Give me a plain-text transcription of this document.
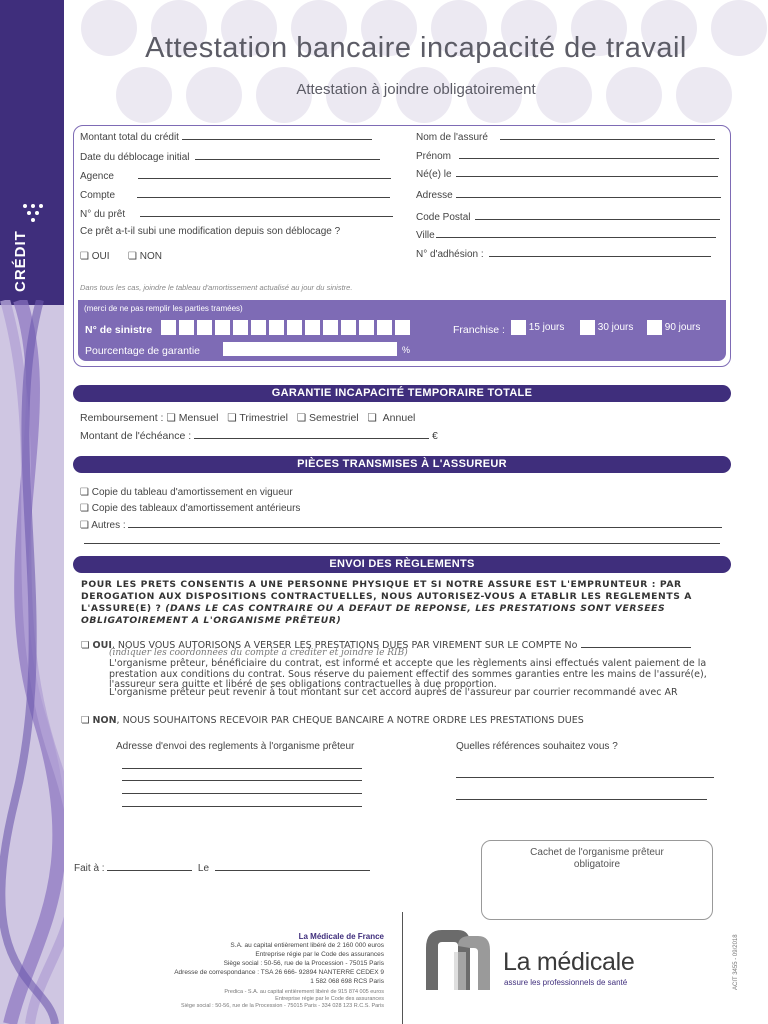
CRÉDIT
Attestation bancaire incapacité de travail
Attestation à joindre obligatoirement
Montant total du crédit
Date du déblocage initial
Agence
Compte
N° du prêt
Ce prêt a-t-il subi une modification depuis son déblocage ?
❏ OUI ❏ NON
Nom de l'assuré
Prénom
Né(e) le
Adresse
Code Postal
Ville
N° d'adhésion :
Dans tous les cas, joindre le tableau d'amortissement actualisé au jour du sinistre.
(merci de ne pas remplir les parties tramées)
N° de sinistre	Franchise :	15 jours	30 jours	90 jours
Pourcentage de garantie	%
GARANTIE INCAPACITÉ TEMPORAIRE TOTALE
Remboursement : ❏ Mensuel ❏ Trimestriel ❏ Semestriel ❏  Annuel
Montant de l'échéance :	€
PIÈCES TRANSMISES À L'ASSUREUR
❏ Copie du tableau d'amortissement en vigueur
❏ Copie des tableaux d'amortissement antérieurs
❏ Autres :
ENVOI DES RÈGLEMENTS
POUR LES PRETS CONSENTIS A UNE PERSONNE PHYSIQUE ET SI NOTRE ASSURE EST L'EMPRUNTEUR : PAR DEROGATION AUX DISPOSITIONS CONTRACTUELLES, NOUS AUTORISEZ-VOUS A ETABLIR LES REGLEMENTS A L'ASSURE(E) ? (DANS LE CAS CONTRAIRE OU A DEFAUT DE REPONSE, LES PRESTATIONS SONT VERSEES OBLIGATOIREMENT A L'ORGANISME PRÊTEUR)
❏ OUI, NOUS VOUS AUTORISONS A VERSER LES PRESTATIONS DUES PAR VIREMENT SUR LE COMPTE No
(indiquer les coordonnées du compte à créditer et joindre le RIB)
L'organisme prêteur, bénéficiaire du contrat, est informé et accepte que les règlements ainsi effectués valent paiement de la prestation aux conditions du contrat. Sous réserve du paiement effectif des sommes garanties entre les mains de l'assuré(e), l'assureur sera quitte et libéré de ses obligations contractuelles à due proportion.
L'organisme prêteur peut revenir à tout montant sur cet accord auprès de l'assureur par courrier recommandé avec AR
❏ NON, NOUS SOUHAITONS RECEVOIR PAR CHEQUE BANCAIRE A NOTRE ORDRE LES PRESTATIONS DUES
Adresse d'envoi des reglements à l'organisme prêteur	Quelles références souhaitez vous ?
Fait à :	Le
Cachet de l'organisme prêteur obligatoire
La Médicale de France
S.A. au capital entièrement libéré de 2 160 000 euros
Entreprise régie par le Code des assurances
Siège social : 50-56, rue de la Procession - 75015 Paris
Adresse de correspondance : TSA 26 666- 92894 NANTERRE CEDEX 9
1 582 068 698 RCS Paris
Predica - S.A. au capital entièrement libéré de 915 874 005 euros
Entreprise régie par le Code des assurances
Siège social : 50-56, rue de la Procession - 75015 Paris - 334 028 123 R.C.S. Paris
La médicale
assure les professionnels de santé	ACIT 3455 - 09/2018
